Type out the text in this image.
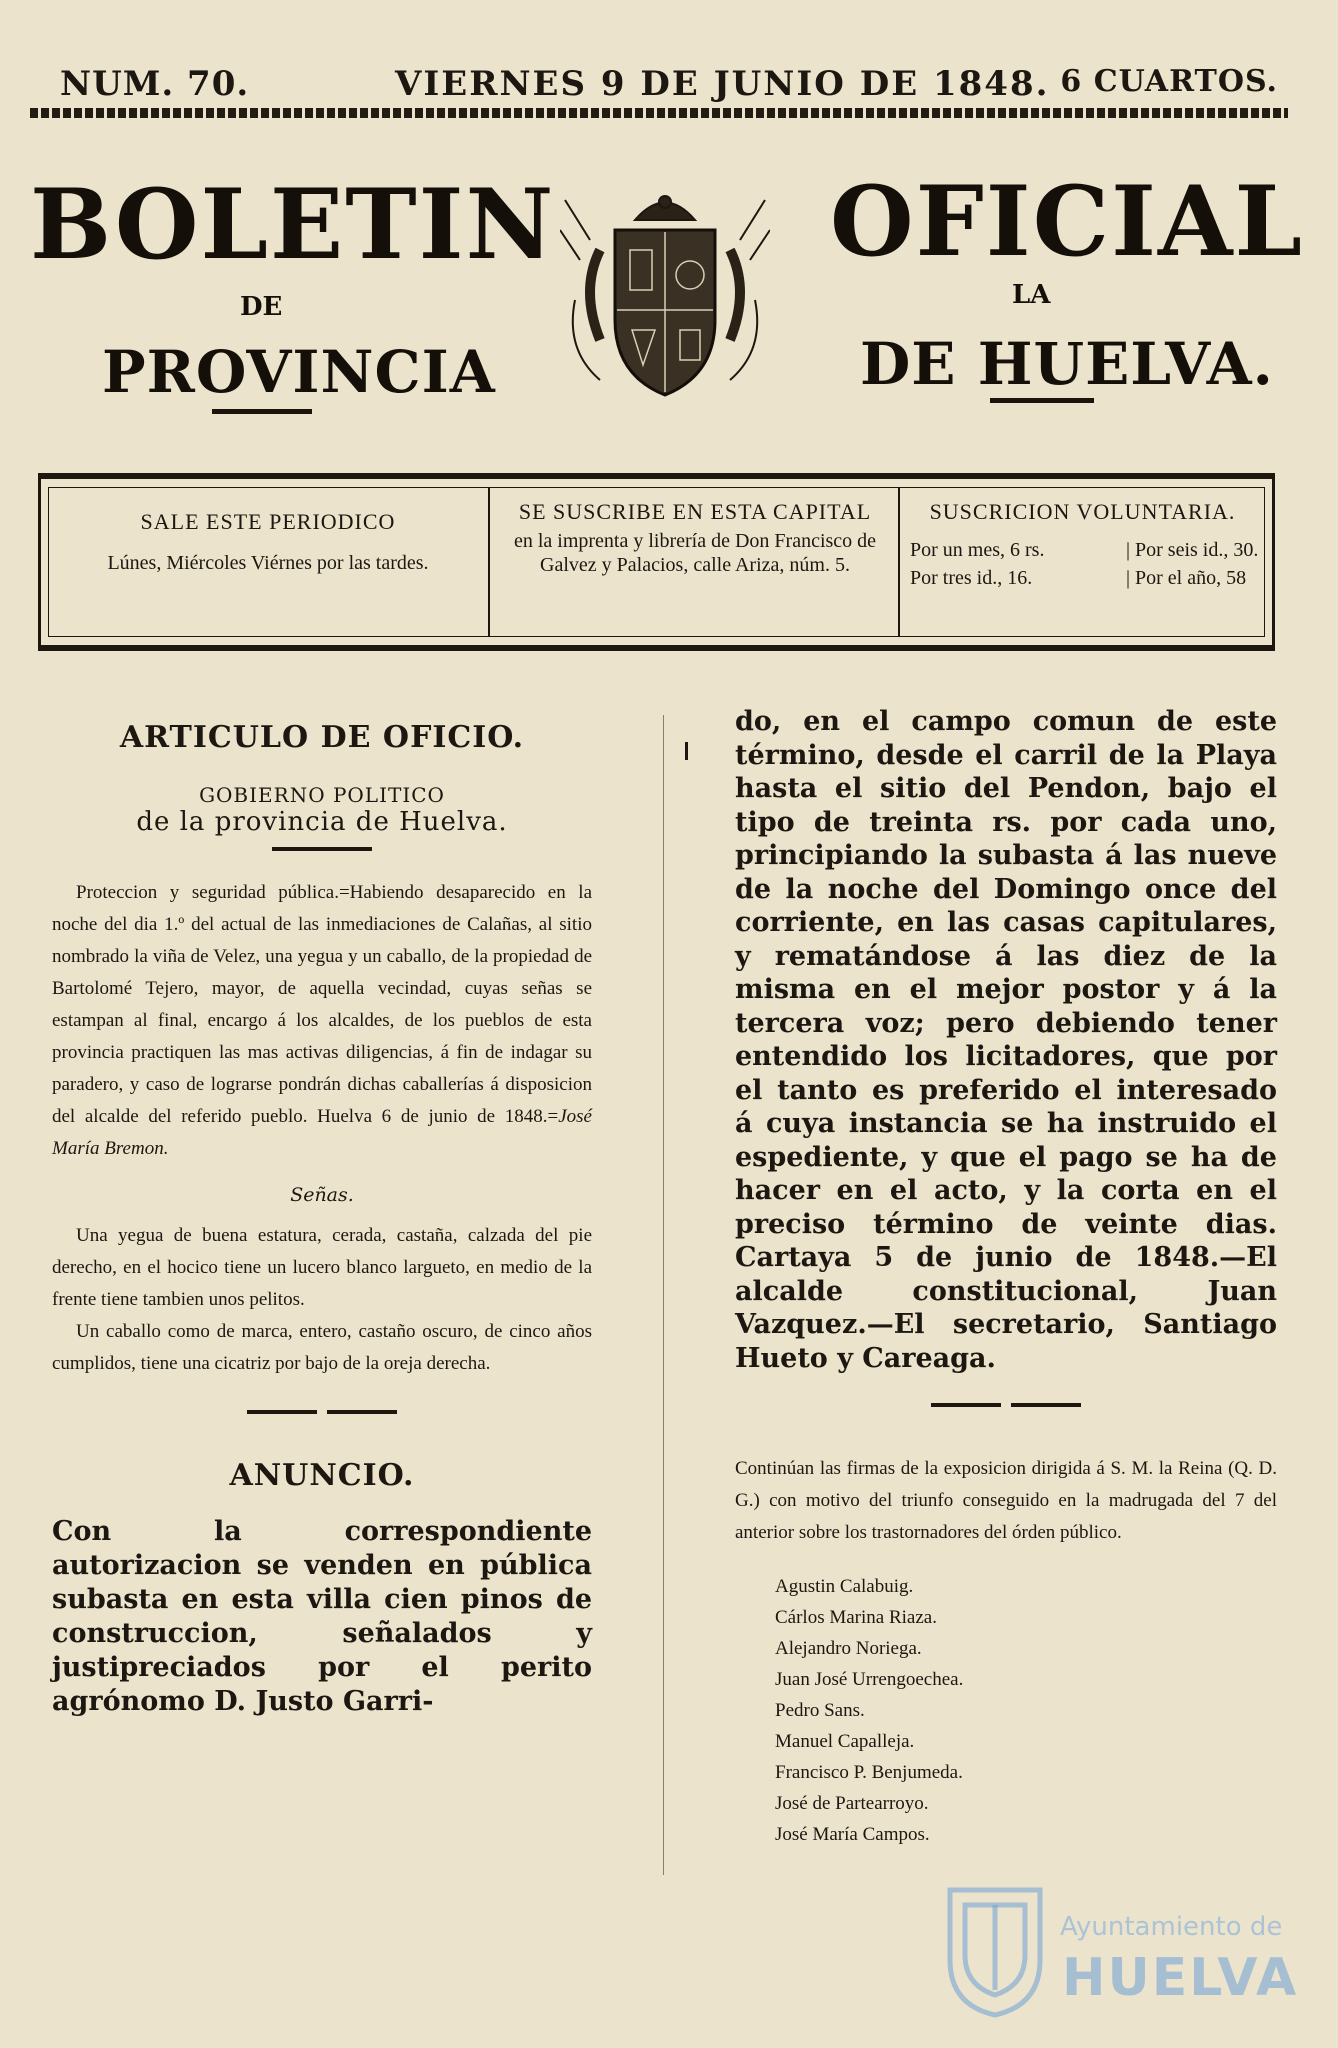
NUM. 70.	VIERNES 9 DE JUNIO DE 1848. 6 CUARTOS.
BOLETIN	OFICIAL
DE	LA
PROVINCIA	DE HUELVA.
SALE ESTE PERIODICO
Lúnes, Miércoles Viérnes por las tardes.
SE SUSCRIBE EN ESTA CAPITAL
en la imprenta y librería de Don Francisco de Galvez y Palacios, calle Ariza, núm. 5.
SUSCRICION VOLUNTARIA.
Por un mes, 6 rs.	| Por seis id., 30.
Por tres id., 16.	| Por el año, 58
ARTICULO DE OFICIO.
GOBIERNO POLITICO
de la provincia de Huelva.

Proteccion y seguridad pública.=Habiendo desaparecido en la noche del dia 1.º del actual de las inmediaciones de Calañas, al sitio nombrado la viña de Velez, una yegua y un caballo, de la propiedad de Bartolomé Tejero, mayor, de aquella vecindad, cuyas señas se estampan al final, encargo á los alcaldes, de los pueblos de esta provincia practiquen las mas activas diligencias, á fin de indagar su paradero, y caso de lograrse pondrán dichas caballerías á disposicion del alcalde del referido pueblo. Huelva 6 de junio de 1848.=José María Bremon.

Señas.

Una yegua de buena estatura, cerada, castaña, calzada del pie derecho, en el hocico tiene un lucero blanco largueto, en medio de la frente tiene tambien unos pelitos.

Un caballo como de marca, entero, castaño oscuro, de cinco años cumplidos, tiene una cicatriz por bajo de la oreja derecha.

ANUNCIO.

Con la correspondiente autorizacion se venden en pública subasta en esta villa cien pinos de construccion, señalados y justipreciados por el perito agrónomo D. Justo Garri-

do, en el campo comun de este término, desde el carril de la Playa hasta el sitio del Pendon, bajo el tipo de treinta rs. por cada uno, principiando la subasta á las nueve de la noche del Domingo once del corriente, en las casas capitulares, y rematándose á las diez de la misma en el mejor postor y á la tercera voz; pero debiendo tener entendido los licitadores, que por el tanto es preferido el interesado á cuya instancia se ha instruido el espediente, y que el pago se ha de hacer en el acto, y la corta en el preciso término de veinte dias. Cartaya 5 de junio de 1848.—El alcalde constitucional, Juan Vazquez.—El secretario, Santiago Hueto y Careaga.

Continúan las firmas de la exposicion dirigida á S. M. la Reina (Q. D. G.) con motivo del triunfo conseguido en la madrugada del 7 del anterior sobre los trastornadores del órden público.

Agustin Calabuig.
Cárlos Marina Riaza.
Alejandro Noriega.
Juan José Urrengoechea.
Pedro Sans.
Manuel Capalleja.
Francisco P. Benjumeda.
José de Partearroyo.
José María Campos.
Ayuntamiento de
HUELVA
